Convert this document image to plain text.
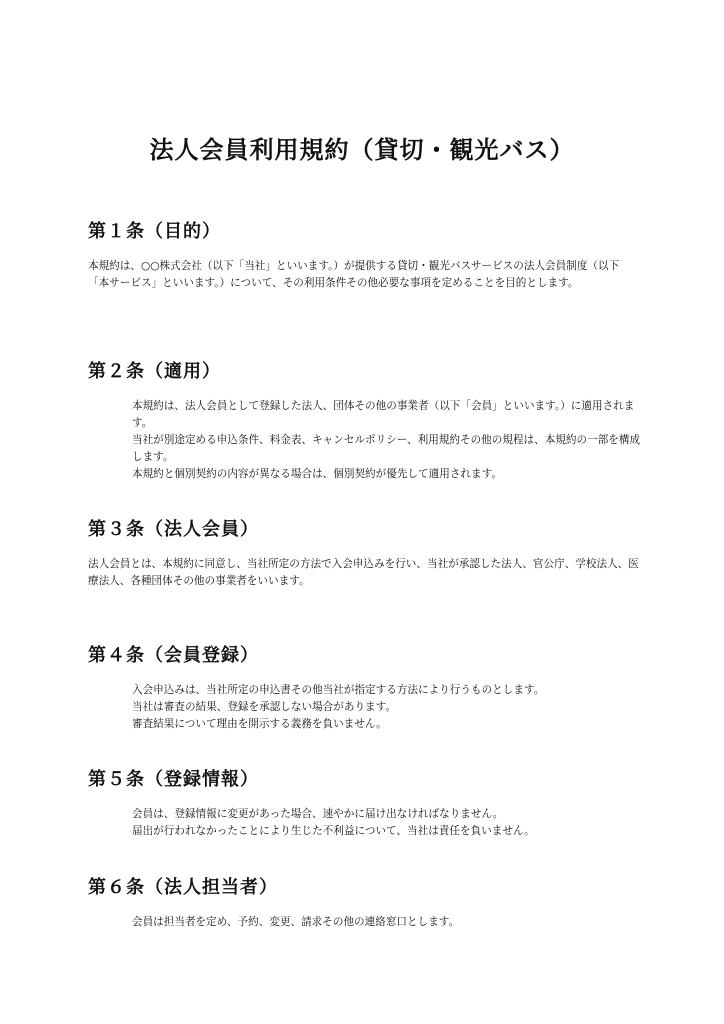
法人会員利用規約（貸切・観光バス）
第１条（目的）
本規約は、○○株式会社（以下「当社」といいます。）が提供する貸切・観光バスサービスの法人会員制度（以下「本サービス」といいます。）について、その利用条件その他必要な事項を定めることを目的とします。
第２条（適用）
本規約は、法人会員として登録した法人、団体その他の事業者（以下「会員」といいます。）に適用されます。
当社が別途定める申込条件、料金表、キャンセルポリシー、利用規約その他の規程は、本規約の一部を構成します。
本規約と個別契約の内容が異なる場合は、個別契約が優先して適用されます。
第３条（法人会員）
法人会員とは、本規約に同意し、当社所定の方法で入会申込みを行い、当社が承認した法人、官公庁、学校法人、医療法人、各種団体その他の事業者をいいます。
第４条（会員登録）
入会申込みは、当社所定の申込書その他当社が指定する方法により行うものとします。
当社は審査の結果、登録を承認しない場合があります。
審査結果について理由を開示する義務を負いません。
第５条（登録情報）
会員は、登録情報に変更があった場合、速やかに届け出なければなりません。
届出が行われなかったことにより生じた不利益について、当社は責任を負いません。
第６条（法人担当者）
会員は担当者を定め、予約、変更、請求その他の連絡窓口とします。
